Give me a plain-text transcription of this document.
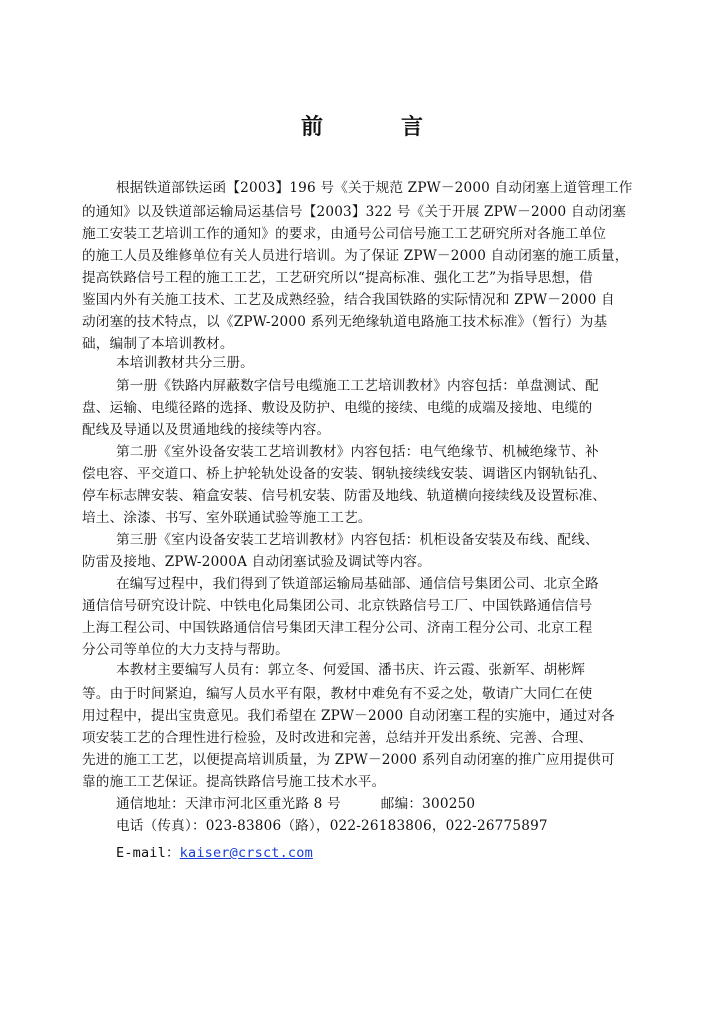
前　言
根据铁道部铁运函【2003】196 号《关于规范 ZPW－2000 自动闭塞上道管理工作
的通知》以及铁道部运输局运基信号【2003】322 号《关于开展 ZPW－2000 自动闭塞
施工安装工艺培训工作的通知》的要求，由通号公司信号施工工艺研究所对各施工单位
的施工人员及维修单位有关人员进行培训。为了保证 ZPW－2000 自动闭塞的施工质量，
提高铁路信号工程的施工工艺，工艺研究所以“提高标准、强化工艺”为指导思想，借
鉴国内外有关施工技术、工艺及成熟经验，结合我国铁路的实际情况和 ZPW－2000 自
动闭塞的技术特点，以《ZPW-2000 系列无绝缘轨道电路施工技术标准》（暂行）为基
础，编制了本培训教材。
本培训教材共分三册。
第一册《铁路内屏蔽数字信号电缆施工工艺培训教材》内容包括：单盘测试、配
盘、运输、电缆径路的选择、敷设及防护、电缆的接续、电缆的成端及接地、电缆的
配线及导通以及贯通地线的接续等内容。
第二册《室外设备安装工艺培训教材》内容包括：电气绝缘节、机械绝缘节、补
偿电容、平交道口、桥上护轮轨处设备的安装、钢轨接续线安装、调谐区内钢轨钻孔、
停车标志牌安装、箱盒安装、信号机安装、防雷及地线、轨道横向接续线及设置标准、
培土、涂漆、书写、室外联通试验等施工工艺。
第三册《室内设备安装工艺培训教材》内容包括：机柜设备安装及布线、配线、
防雷及接地、ZPW-2000A 自动闭塞试验及调试等内容。
在编写过程中，我们得到了铁道部运输局基础部、通信信号集团公司、北京全路
通信信号研究设计院、中铁电化局集团公司、北京铁路信号工厂、中国铁路通信信号
上海工程公司、中国铁路通信信号集团天津工程分公司、济南工程分公司、北京工程
分公司等单位的大力支持与帮助。
本教材主要编写人员有：郭立冬、何爱国、潘书庆、许云霞、张新军、胡彬辉
等。由于时间紧迫，编写人员水平有限，教材中难免有不妥之处，敬请广大同仁在使
用过程中，提出宝贵意见。我们希望在 ZPW－2000 自动闭塞工程的实施中，通过对各
项安装工艺的合理性进行检验，及时改进和完善，总结并开发出系统、完善、合理、
先进的施工工艺，以便提高培训质量，为 ZPW－2000 系列自动闭塞的推广应用提供可
靠的施工工艺保证。提高铁路信号施工技术水平。
通信地址：天津市河北区重光路 8 号	邮编：300250
电话（传真）：023-83806（路），022-26183806，022-26775897
E-mail：kaiser@crsct.com
